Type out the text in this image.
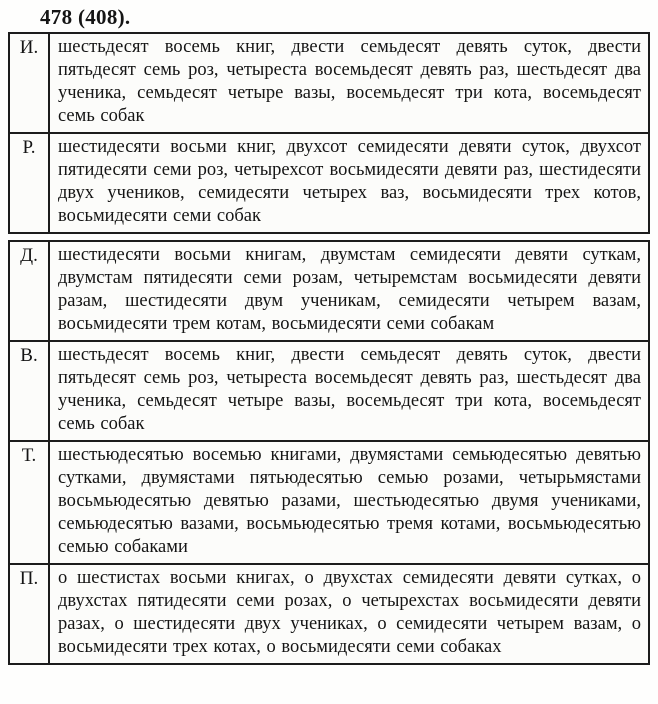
478 (408).
И.	шестьдесят восемь книг, двести семьдесят девять суток, двести пятьдесят семь роз, четыреста восемьдесят девять раз, шестьдесят два ученика, семьдесят четыре вазы, восемьдесят три кота, восемьдесят семь собак
Р.	шестидесяти восьми книг, двухсот семидесяти девяти суток, двухсот пятидесяти семи роз, четырехсот восьмидесяти девяти раз, шестидесяти двух учеников, семидесяти четырех ваз, восьмидесяти трех котов, восьмидесяти семи собак
Д.	шестидесяти восьми книгам, двумстам семидесяти девяти суткам, двумстам пятидесяти семи розам, четыремстам восьмидесяти девяти разам, шестидесяти двум ученикам, семидесяти четырем вазам, восьмидесяти трем котам, восьмидесяти семи собакам
В.	шестьдесят восемь книг, двести семьдесят девять суток, двести пятьдесят семь роз, четыреста восемьдесят девять раз, шестьдесят два ученика, семьдесят четыре вазы, восемьдесят три кота, восемьдесят семь собак
Т.	шестьюдесятью восемью книгами, двумястами семьюдесятью девятью сутками, двумястами пятьюдесятью семью розами, четырьмястами восьмьюдесятью девятью разами, шестьюдесятью двумя учениками, семьюдесятью вазами, восьмьюдесятью тремя котами, восьмьюдесятью семью собаками
П.	о шестистах восьми книгах, о двухстах семидесяти девяти сутках, о двухстах пятидесяти семи розах, о четырехстах восьмидесяти девяти разах, о шестидесяти двух учениках, о семидесяти четырем вазам, о восьмидесяти трех котах, о восьмидесяти семи собаках
